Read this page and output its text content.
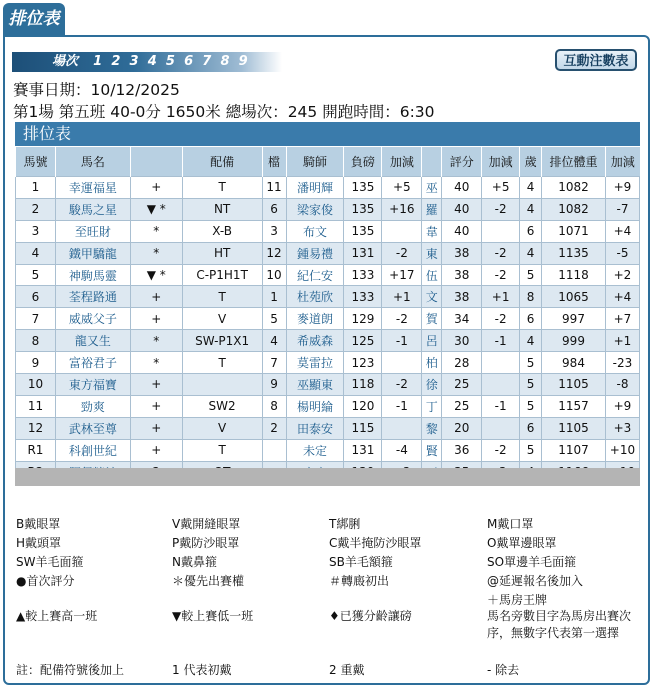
排位表
場次 1 2 3 4 5 6 7 8 9	互動注數表
賽事日期：10/12/2025
第1場 第五班 40-0分 1650米 總場次：245 開跑時間：6:30
排位表
馬號	馬名		配備	檔	騎師	負磅	加減		評分	加減	歲	排位體重	加減
1	幸運福星	+	T	11	潘明輝	135	+5	巫	40	+5	4	1082	+9
2	駿馬之星	▼ *	NT	6	梁家俊	135	+16	羅	40	-2	4	1082	-7
3	至旺財	*	X-B	3	布文	135		韋	40		6	1071	+4
4	鐵甲驕龍	*	HT	12	鍾易禮	131	-2	東	38	-2	4	1135	-5
5	神駒馬靈	▼ *	C-P1H1T	10	紀仁安	133	+17	伍	38	-2	5	1118	+2
6	荃程路通	+	T	1	杜苑欣	133	+1	文	38	+1	8	1065	+4
7	威威父子	+	V	5	麥道朗	129	-2	賀	34	-2	6	997	+7
8	龍又生	*	SW-P1X1	4	希威森	125	-1	呂	30	-1	4	999	+1
9	富裕君子	*	T	7	莫雷拉	123		柏	28		5	984	-23
10	東方福寶	+		9	巫顯東	118	-2	徐	25		5	1105	-8
11	勁爽	+	SW2	8	楊明綸	120	-1	丁	25	-1	5	1157	+9
12	武林至尊	+	V	2	田泰安	115		黎	20		6	1105	+3
R1	科創世紀	+	T		未定	131	-4	賢	36	-2	5	1107	+10

B戴眼罩	V戴開縫眼罩	T綁脷	M戴口罩
H戴頭罩	P戴防沙眼罩	C戴半掩防沙眼罩	O戴單邊眼罩
SW羊毛面箍	N戴鼻箍	SB羊毛額箍	SO單邊羊毛面箍
●首次評分	＊優先出賽權	＃轉廄初出	@延遲報名後加入
＋馬房王牌
▲較上賽高一班	▼較上賽低一班	♦已獲分齡讓磅	馬名旁數目字為馬房出賽次
序，無數字代表第一選擇
註：配備符號後加上	1 代表初戴	2 重戴	- 除去
